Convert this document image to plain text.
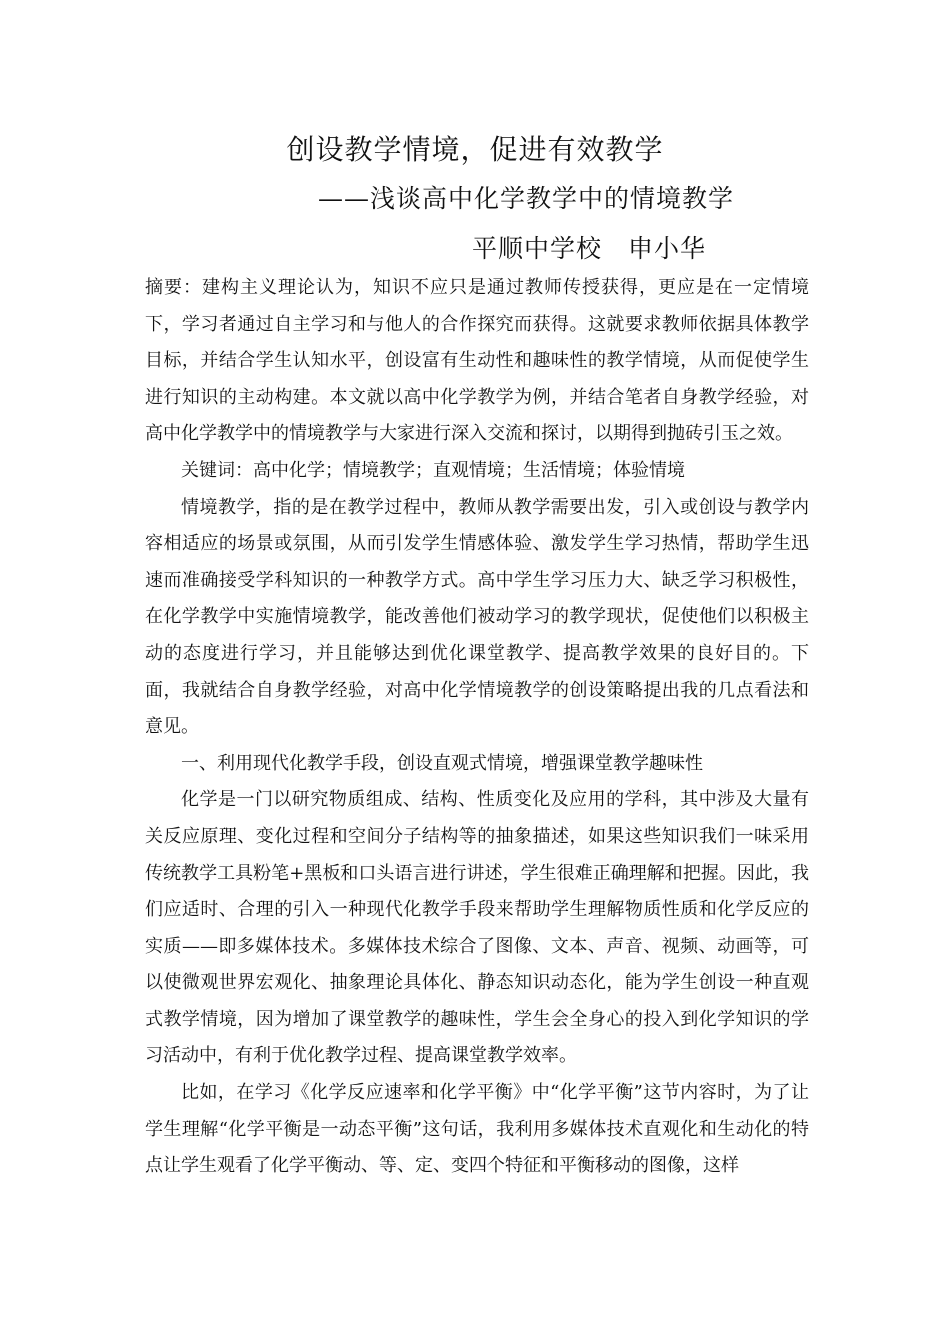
创设教学情境，促进有效教学
——浅谈高中化学教学中的情境教学
平顺中学校 申小华

摘要：建构主义理论认为，知识不应只是通过教师传授获得，更应是在一定情境下，学习者通过自主学习和与他人的合作探究而获得。这就要求教师依据具体教学目标，并结合学生认知水平，创设富有生动性和趣味性的教学情境，从而促使学生进行知识的主动构建。本文就以高中化学教学为例，并结合笔者自身教学经验，对高中化学教学中的情境教学与大家进行深入交流和探讨，以期得到抛砖引玉之效。

关键词：高中化学；情境教学；直观情境；生活情境；体验情境

情境教学，指的是在教学过程中，教师从教学需要出发，引入或创设与教学内容相适应的场景或氛围，从而引发学生情感体验、激发学生学习热情，帮助学生迅速而准确接受学科知识的一种教学方式。高中学生学习压力大、缺乏学习积极性，在化学教学中实施情境教学，能改善他们被动学习的教学现状，促使他们以积极主动的态度进行学习，并且能够达到优化课堂教学、提高教学效果的良好目的。下面，我就结合自身教学经验，对高中化学情境教学的创设策略提出我的几点看法和意见。

一、利用现代化教学手段，创设直观式情境，增强课堂教学趣味性

化学是一门以研究物质组成、结构、性质变化及应用的学科，其中涉及大量有关反应原理、变化过程和空间分子结构等的抽象描述，如果这些知识我们一味采用传统教学工具粉笔+黑板和口头语言进行讲述，学生很难正确理解和把握。因此，我们应适时、合理的引入一种现代化教学手段来帮助学生理解物质性质和化学反应的实质——即多媒体技术。多媒体技术综合了图像、文本、声音、视频、动画等，可以使微观世界宏观化、抽象理论具体化、静态知识动态化，能为学生创设一种直观式教学情境，因为增加了课堂教学的趣味性，学生会全身心的投入到化学知识的学习活动中，有利于优化教学过程、提高课堂教学效率。

比如，在学习《化学反应速率和化学平衡》中“化学平衡”这节内容时，为了让学生理解“化学平衡是一动态平衡”这句话，我利用多媒体技术直观化和生动化的特点让学生观看了化学平衡动、等、定、变四个特征和平衡移动的图像，这样
